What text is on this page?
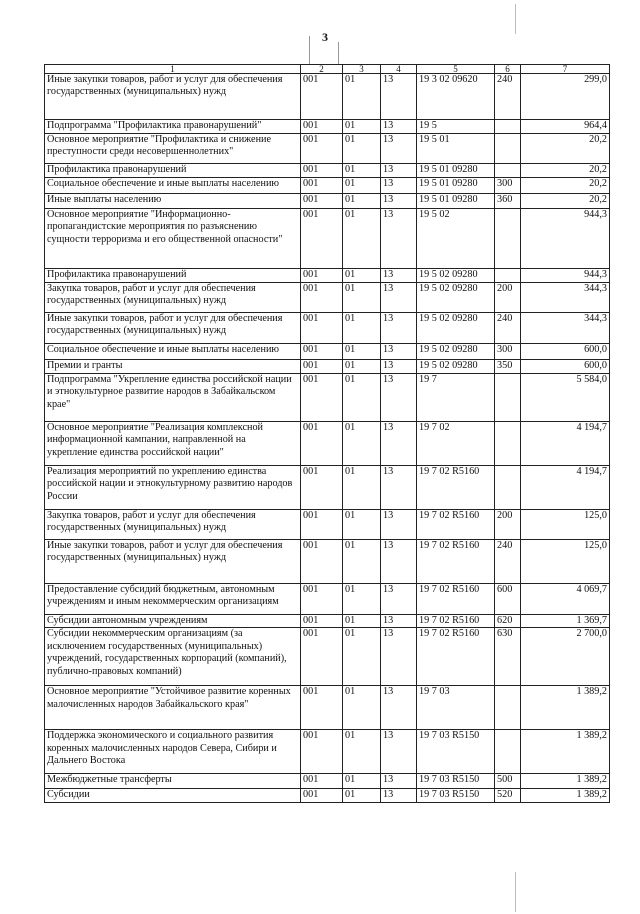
3
1	2	3	4	5	6	7
Иные закупки товаров, работ и услуг для обеспечения государственных (муниципальных) нужд	001	01	13	19 3 02 09620	240	299,0
Подпрограмма "Профилактика правонарушений"	001	01	13	19 5		964,4
Основное мероприятие "Профилактика и снижение преступности среди несовершеннолетних"	001	01	13	19 5 01		20,2
Профилактика правонарушений	001	01	13	19 5 01 09280		20,2
Социальное обеспечение и иные выплаты населению	001	01	13	19 5 01 09280	300	20,2
Иные выплаты населению	001	01	13	19 5 01 09280	360	20,2
Основное мероприятие "Информационно-пропагандистские мероприятия по разъяснению сущности терроризма и его общественной опасности"	001	01	13	19 5 02		944,3
Профилактика правонарушений	001	01	13	19 5 02 09280		944,3
Закупка товаров, работ и услуг для обеспечения государственных (муниципальных) нужд	001	01	13	19 5 02 09280	200	344,3
Иные закупки товаров, работ и услуг для обеспечения государственных (муниципальных) нужд	001	01	13	19 5 02 09280	240	344,3
Социальное обеспечение и иные выплаты населению	001	01	13	19 5 02 09280	300	600,0
Премии и гранты	001	01	13	19 5 02 09280	350	600,0
Подпрограмма "Укрепление единства российской нации и этнокультурное развитие народов в Забайкальском крае"	001	01	13	19 7		5 584,0
Основное мероприятие "Реализация комплексной информационной кампании, направленной на укрепление единства российской нации"	001	01	13	19 7 02		4 194,7
Реализация мероприятий по укреплению единства российской нации и этнокультурному развитию народов России	001	01	13	19 7 02 R5160		4 194,7
Закупка товаров, работ и услуг для обеспечения государственных (муниципальных) нужд	001	01	13	19 7 02 R5160	200	125,0
Иные закупки товаров, работ и услуг для обеспечения государственных (муниципальных) нужд	001	01	13	19 7 02 R5160	240	125,0
Предоставление субсидий бюджетным, автономным учреждениям и иным некоммерческим организациям	001	01	13	19 7 02 R5160	600	4 069,7
Субсидии автономным учреждениям	001	01	13	19 7 02 R5160	620	1 369,7
Субсидии некоммерческим организациям (за исключением государственных (муниципальных) учреждений, государственных корпораций (компаний), публично-правовых компаний)	001	01	13	19 7 02 R5160	630	2 700,0
Основное мероприятие "Устойчивое развитие коренных малочисленных народов Забайкальского края"	001	01	13	19 7 03		1 389,2
Поддержка экономического и социального развития коренных малочисленных народов Севера, Сибири и Дальнего Востока	001	01	13	19 7 03 R5150		1 389,2
Межбюджетные трансферты	001	01	13	19 7 03 R5150	500	1 389,2
Субсидии	001	01	13	19 7 03 R5150	520	1 389,2
